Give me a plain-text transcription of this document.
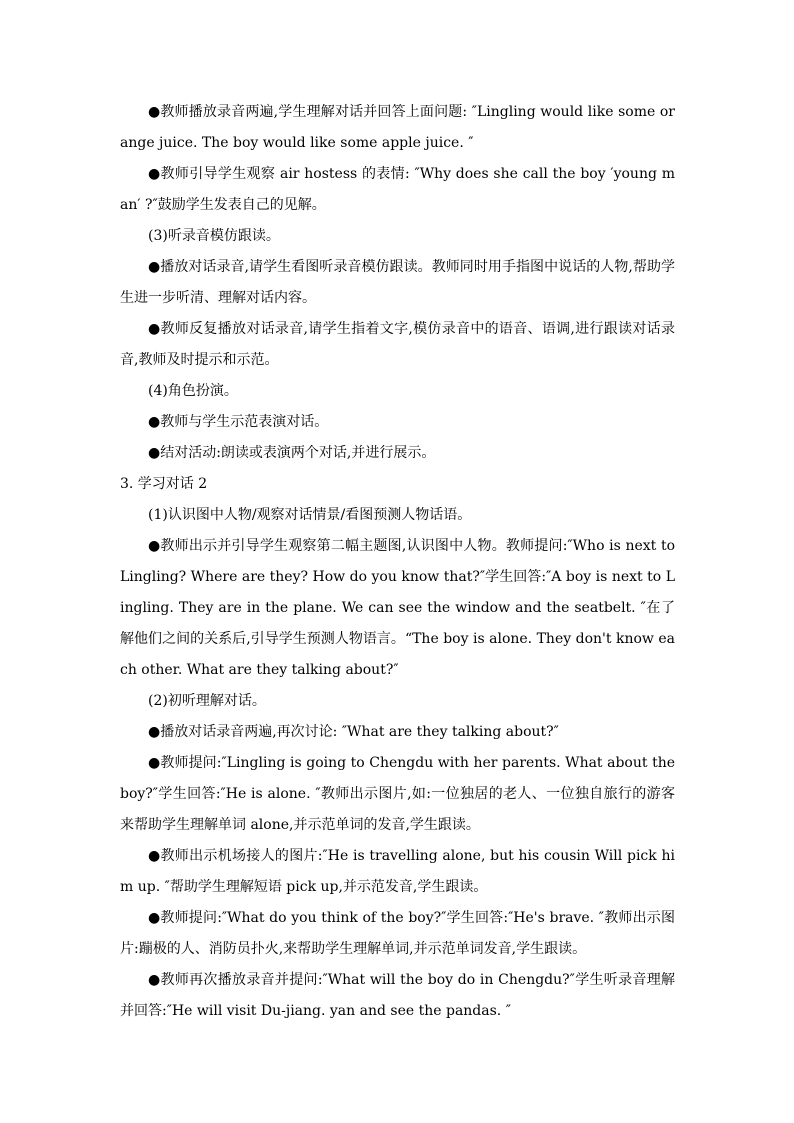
●教师播放录音两遍,学生理解对话并回答上面问题: ″Lingling would like some orange juice. The boy would like some apple juice. ″

●教师引导学生观察 air hostess 的表情: ″Why does she call the boy ′young man′ ?″鼓励学生发表自己的见解。

(3)听录音模仿跟读。

●播放对话录音,请学生看图听录音模仿跟读。教师同时用手指图中说话的人物,帮助学生进一步听清、理解对话内容。

●教师反复播放对话录音,请学生指着文字,模仿录音中的语音、语调,进行跟读对话录音,教师及时提示和示范。

(4)角色扮演。

●教师与学生示范表演对话。

●结对活动:朗读或表演两个对话,并进行展示。

3. 学习对话 2

(1)认识图中人物/观察对话情景/看图预测人物话语。

●教师出示并引导学生观察第二幅主题图,认识图中人物。教师提问:″Who is next to Lingling? Where are they? How do you know that?″学生回答:″A boy is next to Lingling. They are in the plane. We can see the window and the seatbelt. ″在了解他们之间的关系后,引导学生预测人物语言。“The boy is alone. They don't know each other. What are they talking about?″

(2)初听理解对话。

●播放对话录音两遍,再次讨论: ″What are they talking about?″

●教师提问:″Lingling is going to Chengdu with her parents. What about the boy?″学生回答:″He is alone. ″教师出示图片,如:一位独居的老人、一位独自旅行的游客来帮助学生理解单词 alone,并示范单词的发音,学生跟读。

●教师出示机场接人的图片:″He is travelling alone, but his cousin Will pick him up. ″帮助学生理解短语 pick up,并示范发音,学生跟读。

●教师提问:″What do you think of the boy?″学生回答:″He's brave. ″教师出示图片:蹦极的人、消防员扑火,来帮助学生理解单词,并示范单词发音,学生跟读。

●教师再次播放录音并提问:″What will the boy do in Chengdu?″学生听录音理解并回答:″He will visit Du-jiang. yan and see the pandas. ″
